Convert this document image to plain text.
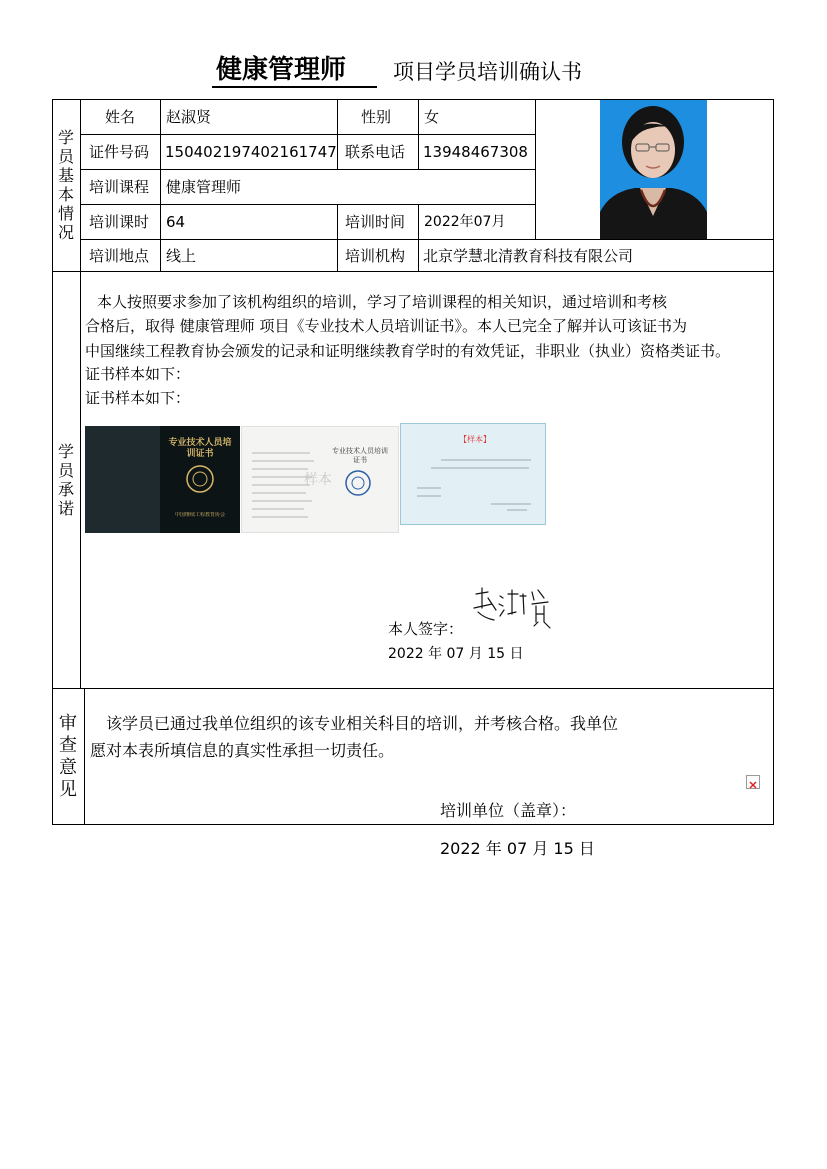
健康管理师 项目学员培训确认书
学员基本情况
姓名 赵淑贤	性别 女
证件号码 150402197402161747 联系电话 13948467308
培训课程 健康管理师
培训课时 64	培训时间 2022年07月
培训地点 线上	培训机构 北京学慧北清教育科技有限公司
学员承诺
本人按照要求参加了该机构组织的培训，学习了培训课程的相关知识，通过培训和考核
合格后，取得 健康管理师 项目《专业技术人员培训证书》。本人已完全了解并认可该证书为
中国继续工程教育协会颁发的记录和证明继续教育学时的有效凭证，非职业（执业）资格类证书。
证书样本如下：
证书样本如下：
专业技术人员培训证书
中国继续工程教育协会
专业技术人员培训证书
样本
【样本】
本人签字：
2022 年 07 月 15 日
审查意见
该学员已通过我单位组织的该专业相关科目的培训，并考核合格。我单位
愿对本表所填信息的真实性承担一切责任。
培训单位（盖章）：
2022 年 07 月 15 日
